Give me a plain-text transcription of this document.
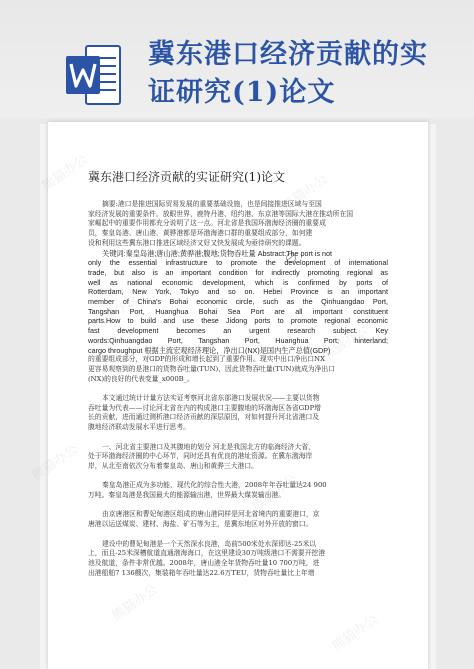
冀东港口经济贡献的实
证研究(1)论文
冀东港口经济贡献的实证研究(1)论文
摘要:港口是推进国际贸易发展的重要基础设施，也是间接推进区域与至国
家经济发展的重要条件。放眼世界，鹿特丹港、纽约港、东京港等国际大港在推动所在国
家崛起中的重要作用都充分说明了这一点。河北省是我国环渤海经济圈的重要成
员，秦皇岛港、唐山港、黄骅港都是环渤海港口群的重要组成部分，如何建
设和利用这些冀东港口推进区域经济又好又快发展成为亟待研究的课题。
关键词:秦皇岛港;唐山港;黄骅港;腹地;货物吞吐量 Abstract:The port is not
only the essential infrastructure to promote the development of international
trade, but also is an important condition for indirectly promoting regional as
well as national economic development, which is confirmed by ports of
Rotterdam, New York, Tokyo and so on. Hebei Province is an important
member of China's Bohai economic circle, such as the Qinhuangdao Port,
Tangshan Port, Huanghua Bohai Sea Port are all important constituent
parts.How to build and use these Jidong ports to promote regional economic
fast development becomes an urgent research subject. Key
words:Qinhuangdao Port, Tangshan Port, Huanghua Port; hinterland;
cargo throughput 根据主流宏观经济理论，净出口(NX)是国内生产总值(GDP)
的重要组成部分，对GDP的形成和增长起到了重要作用。现实中出口净出口NX
更容易观察到的是港口的货物吞吐量(TUN)，因此货物吞吐量(TUN)就成为净出口
(NX)的良好的代表变量_x000B_。
本文通过统计计量方法实证考察河北省东部港口发展状况——主要以货物
吞吐量为代表——讨论河北省在内的构成港口主要腹地的环渤海区各省GDP增
长的贡献，进而通过测析港口经济贡献的深层原因，对如何提升河北省港口及
腹地经济联动发展水平进行思考。
一、河北省主要港口及其腹地的划分 河北是我国北方的临海经济大省，
处于环渤海经济圈的中心环节，同时还具有优良的港址资源。在冀东渤海岸
岸，从北至南依次分布着秦皇岛、唐山和黄骅三大港口。
秦皇岛港正成为多功能、现代化的综合性大港，2008年年吞吐量达24 900
万吨。秦皇岛港是我国最大的能源输出港，世界最大煤炭输出港。
由京唐港区和曹妃甸港区组成的唐山港同样是河北省境内的重要港口，京
唐港以运送煤炭、建材、海盐、矿石等为主，是冀东地区对外开放的窗口。
建设中的曹妃甸港是一个天然深水良港，岛前500米处水深即达-25米以
上，而且-25米深槽航道直通渤海海口，在这里建设30万吨级港口不需要开挖港
池及航道，条件非常优越。2008年，唐山港全年货物吞吐量10 700万吨，进
出港船舶7 136艘次，集装箱年吞吐量达22.6万TEU，货物吞吐量比上年增
熊猫办公	熊猫办公
熊猫办公
熊猫办公
熊猫办公
熊猫办公
熊猫办公
熊猫办公
